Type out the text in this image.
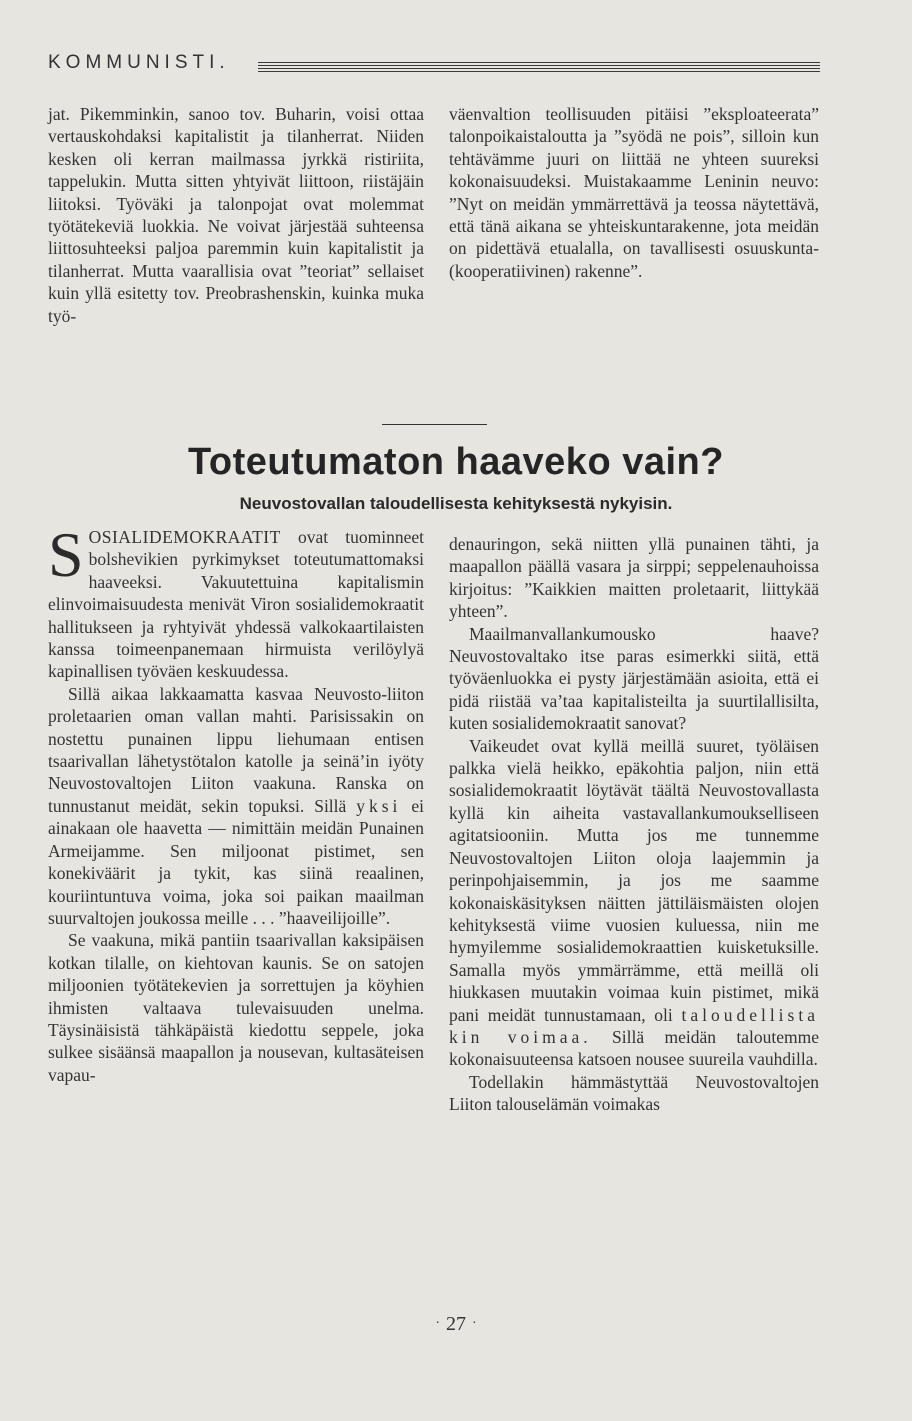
KOMMUNISTI.

jat. Pikemminkin, sanoo tov. Buharin, voisi ottaa vertauskohdaksi kapitalistit ja tilanherrat. Niiden kesken oli kerran mailmassa jyrkkä ristiriita, tappelukin. Mutta sitten yhtyivät liittoon, riistäjäin liitoksi. Työväki ja talonpojat ovat molemmat työtätekeviä luokkia. Ne voivat järjestää suhteensa liittosuhteeksi paljoa paremmin kuin kapitalistit ja tilanherrat. Mutta vaarallisia ovat ”teoriat” sellaiset kuin yllä esitetty tov. Preobrashenskin, kuinka muka työ-

väenvaltion teollisuuden pitäisi ”eksploateerata” talonpoikaistaloutta ja ”syödä ne pois”, silloin kun tehtävämme juuri on liittää ne yhteen suureksi kokonaisuudeksi. Muistakaamme Leninin neuvo: ”Nyt on meidän ymmärrettävä ja teossa näytettävä, että tänä aikana se yhteiskuntarakenne, jota meidän on pidettävä etualalla, on tavallisesti osuuskunta- (kooperatiivinen) rakenne”.

Toteutumaton haaveko vain?
Neuvostovallan taloudellisesta kehityksestä nykyisin.

SOSIALIDEMOKRAATIT ovat tuominneet bolshevikien pyrkimykset toteutumattomaksi haaveeksi. Vakuutettuina kapitalismin elinvoimaisuudesta menivät Viron sosialidemokraatit hallitukseen ja ryhtyivät yhdessä valkokaartilaisten kanssa toimeenpanemaan hirmuista verilöylyä kapinallisen työväen keskuudessa.

Sillä aikaa lakkaamatta kasvaa Neuvosto-liiton proletaarien oman vallan mahti. Parisissakin on nostettu punainen lippu liehumaan entisen tsaarivallan lähetystötalon katolle ja seinä’in iyöty Neuvostovaltojen Liiton vaakuna. Ranska on tunnustanut meidät, sekin topuksi. Sillä yksi ei ainakaan ole haavetta — nimittäin meidän Punainen Armeijamme. Sen miljoonat pistimet, sen konekiväärit ja tykit, kas siinä reaalinen, kouriintuntuva voima, joka soi paikan maailman suurvaltojen joukossa meille . . . ”haaveilijoille”.

Se vaakuna, mikä pantiin tsaarivallan kaksipäisen kotkan tilalle, on kiehtovan kaunis. Se on satojen miljoonien työtätekevien ja sorrettujen ja köyhien ihmisten valtaava tulevaisuuden unelma. Täysinäisistä tähkäpäistä kiedottu seppele, joka sulkee sisäänsä maapallon ja nousevan, kultasäteisen vapau-

denauringon, sekä niitten yllä punainen tähti, ja maapallon päällä vasara ja sirppi; seppelenauhoissa kirjoitus: ”Kaikkien maitten proletaarit, liittykää yhteen”.

Maailmanvallankumousko haave? Neuvostovaltako itse paras esimerkki siitä, että työväenluokka ei pysty järjestämään asioita, että ei pidä riistää va’taa kapitalisteilta ja suurtilallisilta, kuten sosialidemokraatit sanovat?

Vaikeudet ovat kyllä meillä suuret, työläisen palkka vielä heikko, epäkohtia paljon, niin että sosialidemokraatit löytävät täältä Neuvostovallasta kyllä kin aiheita vastavallankumoukselliseen agitatsiooniin. Mutta jos me tunnemme Neuvostovaltojen Liiton oloja laajemmin ja perinpohjaisemmin, ja jos me saamme kokonaiskäsityksen näitten jättiläismäisten olojen kehityksestä viime vuosien kuluessa, niin me hymyilemme sosialidemokraattien kuisketuksille. Samalla myös ymmärrämme, että meillä oli hiukkasen muutakin voimaa kuin pistimet, mikä pani meidät tunnustamaan, oli taloudellista kin voimaa. Sillä meidän taloutemme kokonaisuuteensa katsoen nousee suureila vauhdilla.

Todellakin hämmästyttää Neuvostovaltojen Liiton talouselämän voimakas

· 27 ·
